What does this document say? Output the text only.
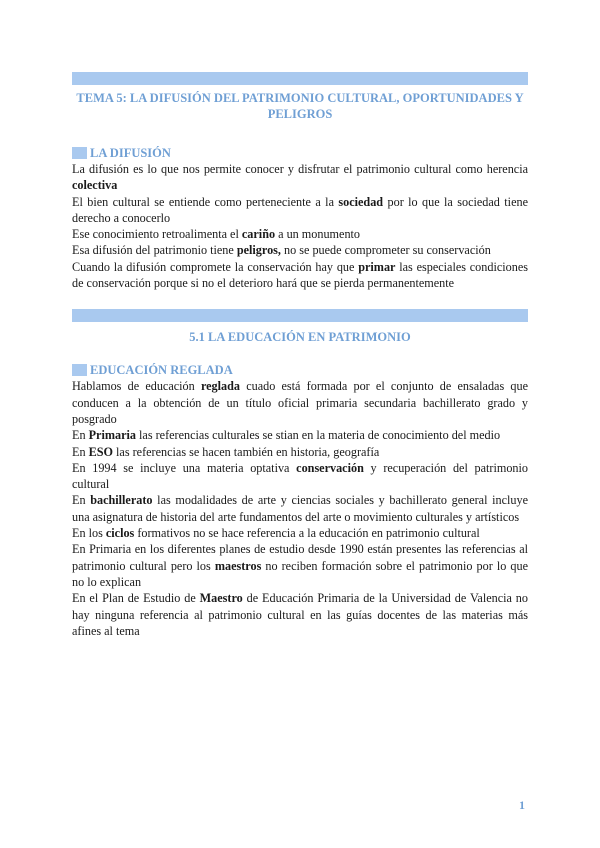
TEMA 5: LA DIFUSIÓN DEL PATRIMONIO CULTURAL, OPORTUNIDADES Y PELIGROS
LA DIFUSIÓN

La difusión es lo que nos permite conocer y disfrutar el patrimonio cultural como herencia colectiva

El bien cultural se entiende como perteneciente a la sociedad por lo que la sociedad tiene derecho a conocerlo

Ese conocimiento retroalimenta el cariño a un monumento

Esa difusión del patrimonio tiene peligros, no se puede comprometer su conservación

Cuando la difusión compromete la conservación hay que primar las especiales condiciones de conservación porque si no el deterioro hará que se pierda permanentemente

5.1 LA EDUCACIÓN EN PATRIMONIO
EDUCACIÓN REGLADA

Hablamos de educación reglada cuado está formada por el conjunto de ensaladas que conducen a la obtención de un título oficial primaria secundaria bachillerato grado y posgrado

En Primaria las referencias culturales se stian en la materia de conocimiento del medio

En ESO las referencias se hacen también en historia, geografía

En 1994 se incluye una materia optativa conservación y recuperación del patrimonio cultural

En bachillerato las modalidades de arte y ciencias sociales y bachillerato general incluye una asignatura de historia del arte fundamentos del arte o movimiento culturales y artísticos

En los ciclos formativos no se hace referencia a la educación en patrimonio cultural

En Primaria en los diferentes planes de estudio desde 1990 están presentes las referencias al patrimonio cultural pero los maestros no reciben formación sobre el patrimonio por lo que no lo explican

En el Plan de Estudio de Maestro de Educación Primaria de la Universidad de Valencia no hay ninguna referencia al patrimonio cultural en las guías docentes de las materias más afines al tema

1
